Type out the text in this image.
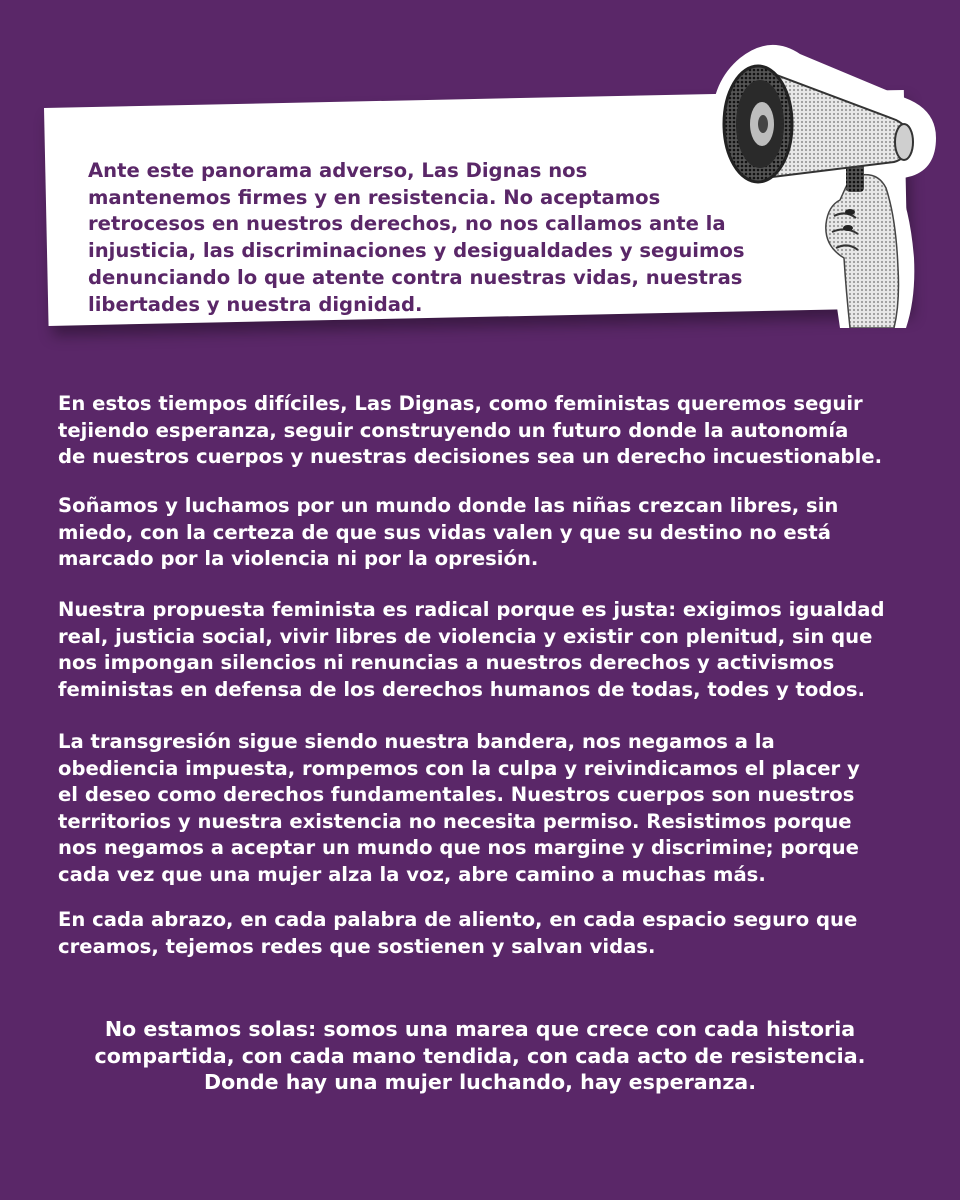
Ante este panorama adverso, Las Dignas nos
mantenemos firmes y en resistencia. No aceptamos
retrocesos en nuestros derechos, no nos callamos ante la
injusticia, las discriminaciones y desigualdades y seguimos
denunciando lo que atente contra nuestras vidas, nuestras
libertades y nuestra dignidad.

En estos tiempos difíciles, Las Dignas, como feministas queremos seguir
tejiendo esperanza, seguir construyendo un futuro donde la autonomía
de nuestros cuerpos y nuestras decisiones sea un derecho incuestionable.

Soñamos y luchamos por un mundo donde las niñas crezcan libres, sin
miedo, con la certeza de que sus vidas valen y que su destino no está
marcado por la violencia ni por la opresión.

Nuestra propuesta feminista es radical porque es justa: exigimos igualdad
real, justicia social, vivir libres de violencia y existir con plenitud, sin que
nos impongan silencios ni renuncias a nuestros derechos y activismos
feministas en defensa de los derechos humanos de todas, todes y todos.

La transgresión sigue siendo nuestra bandera, nos negamos a la
obediencia impuesta, rompemos con la culpa y reivindicamos el placer y
el deseo como derechos fundamentales. Nuestros cuerpos son nuestros
territorios y nuestra existencia no necesita permiso. Resistimos porque
nos negamos a aceptar un mundo que nos margine y discrimine; porque
cada vez que una mujer alza la voz, abre camino a muchas más.

En cada abrazo, en cada palabra de aliento, en cada espacio seguro que
creamos, tejemos redes que sostienen y salvan vidas.

No estamos solas: somos una marea que crece con cada historia
compartida, con cada mano tendida, con cada acto de resistencia.
Donde hay una mujer luchando, hay esperanza.
